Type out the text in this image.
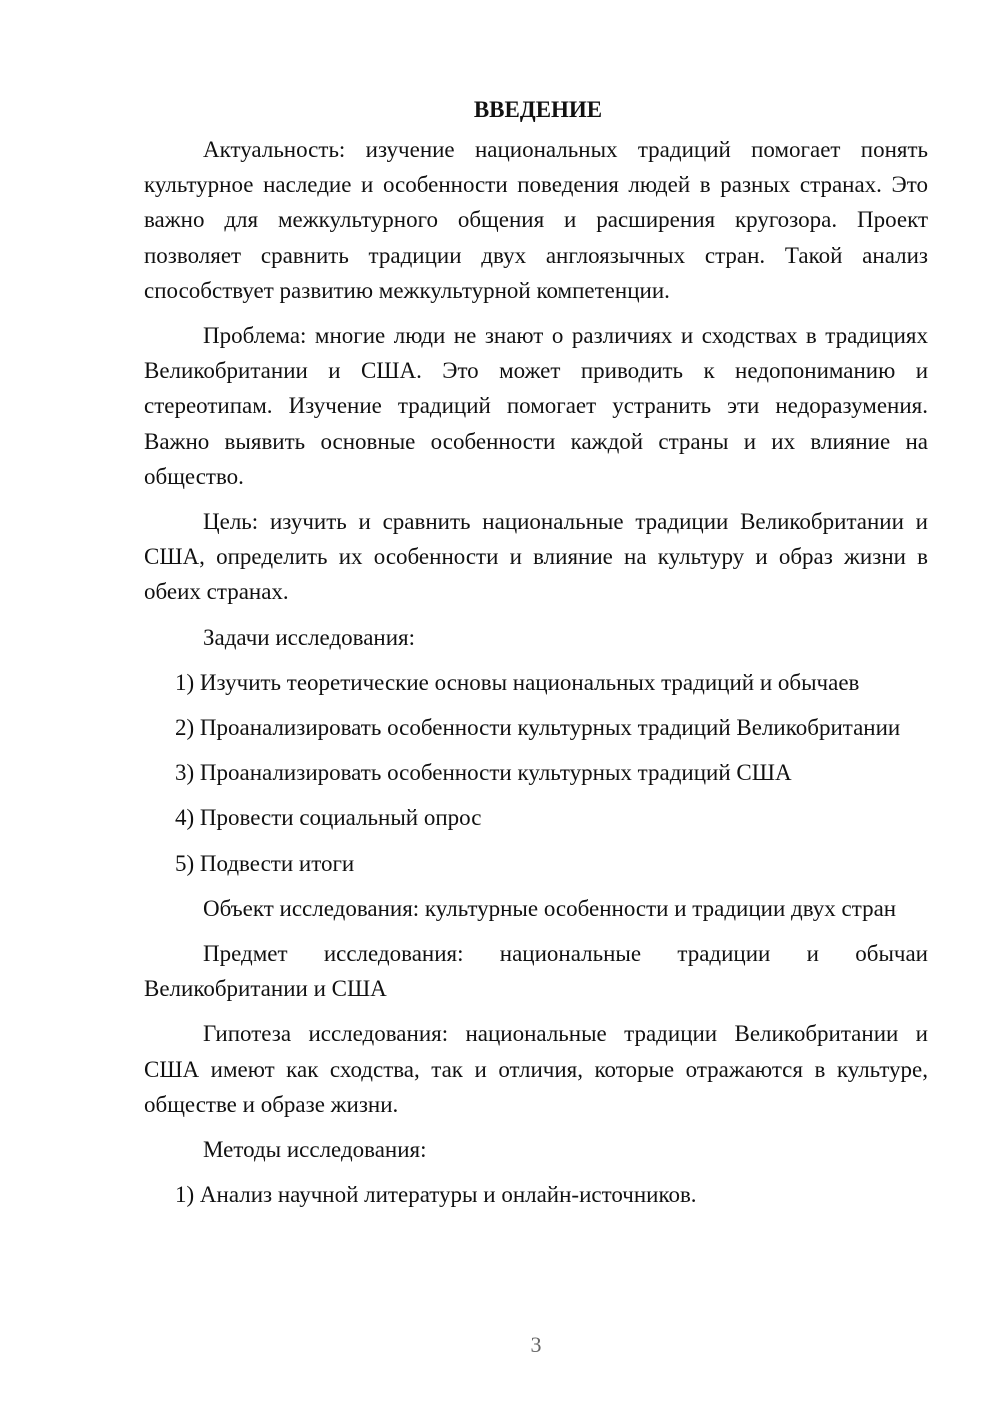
ВВЕДЕНИЕ

Актуальность: изучение национальных традиций помогает понять культурное наследие и особенности поведения людей в разных странах. Это важно для межкультурного общения и расширения кругозора. Проект позволяет сравнить традиции двух англоязычных стран. Такой анализ способствует развитию межкультурной компетенции.

Проблема: многие люди не знают о различиях и сходствах в традициях Великобритании и США. Это может приводить к недопониманию и стереотипам. Изучение традиций помогает устранить эти недоразумения. Важно выявить основные особенности каждой страны и их влияние на общество.

Цель: изучить и сравнить национальные традиции Великобритании и США, определить их особенности и влияние на культуру и образ жизни в обеих странах.

Задачи исследования:

1) Изучить теоретические основы национальных традиций и обычаев

2) Проанализировать особенности культурных традиций Великобритании

3) Проанализировать особенности культурных традиций США

4) Провести социальный опрос

5) Подвести итоги

Объект исследования: культурные особенности и традиции двух стран

Предмет исследования: национальные традиции и обычаи Великобритании и США

Гипотеза исследования: национальные традиции Великобритании и США имеют как сходства, так и отличия, которые отражаются в культуре, обществе и образе жизни.

Методы исследования:

1) Анализ научной литературы и онлайн-источников.

3
